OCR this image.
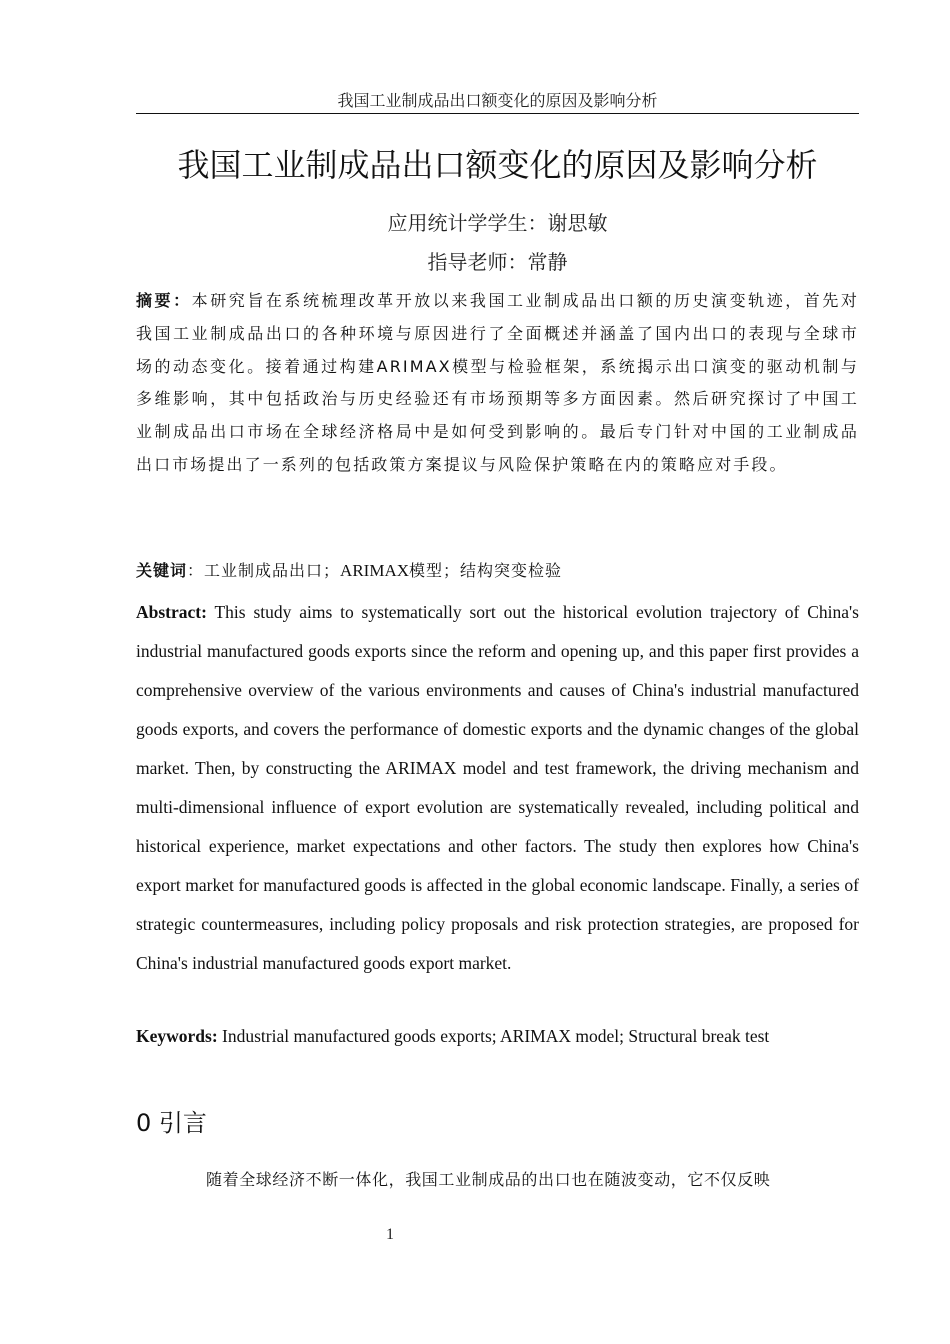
我国工业制成品出口额变化的原因及影响分析
我国工业制成品出口额变化的原因及影响分析
应用统计学学生：谢思敏
指导老师：常静
摘要：本研究旨在系统梳理改革开放以来我国工业制成品出口额的历史演变轨迹，首先对我国工业制成品出口的各种环境与原因进行了全面概述并涵盖了国内出口的表现与全球市场的动态变化。接着通过构建ARIMAX模型与检验框架，系统揭示出口演变的驱动机制与多维影响，其中包括政治与历史经验还有市场预期等多方面因素。然后研究探讨了中国工业制成品出口市场在全球经济格局中是如何受到影响的。最后专门针对中国的工业制成品出口市场提出了一系列的包括政策方案提议与风险保护策略在内的策略应对手段。
关键词：工业制成品出口；ARIMAX模型；结构突变检验
Abstract: This study aims to systematically sort out the historical evolution trajectory of China's industrial manufactured goods exports since the reform and opening up, and this paper first provides a comprehensive overview of the various environments and causes of China's industrial manufactured goods exports, and covers the performance of domestic exports and the dynamic changes of the global market. Then, by constructing the ARIMAX model and test framework, the driving mechanism and multi-dimensional influence of export evolution are systematically revealed, including political and historical experience, market expectations and other factors. The study then explores how China's export market for manufactured goods is affected in the global economic landscape. Finally, a series of strategic countermeasures, including policy proposals and risk protection strategies, are proposed for China's industrial manufactured goods export market.
Keywords: Industrial manufactured goods exports; ARIMAX model; Structural break test
0 引言
随着全球经济不断一体化，我国工业制成品的出口也在随波变动，它不仅反映
1
